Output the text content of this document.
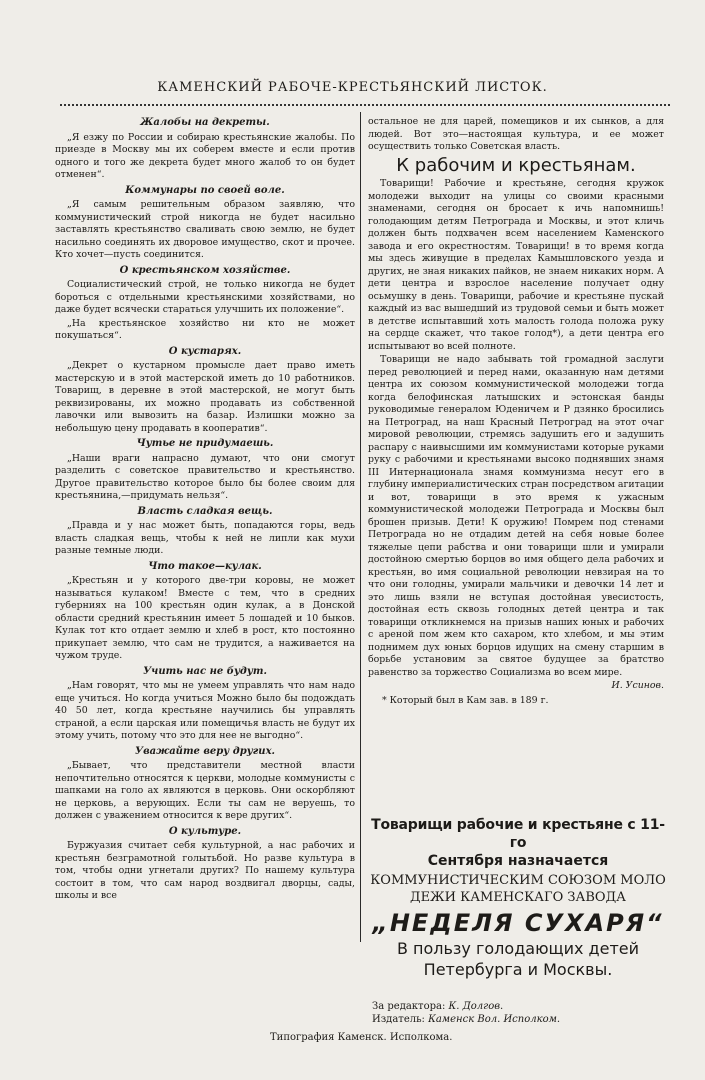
КАМЕНСКИЙ РАБОЧЕ-КРЕСТЬЯНСКИЙ ЛИСТОК.
Жалобы на декреты.

„Я езжу по России и собираю крестьянские жалобы. По приезде в Москву мы их соберем вместе и если против одного и того же декрета будет много жалоб то он будет отменен“.

Коммунары по своей воле.

„Я самым решительным образом заявляю, что коммунистический строй никогда не будет насильно заставлять крестьянство сваливать свою землю, не будет насильно соединять их дворовое имущество, скот и прочее. Кто хочет—пусть соединится.

О крестьянском хозяйстве.

Социалистический строй, не только никогда не будет бороться с отдельными крестьянскими хозяйствами, но даже будет всячески стараться улучшить их положение“.

„На крестьянское хозяйство ни кто не может покушаться“.

О кустарях.

„Декрет о кустарном промысле дает право иметь мастерскую и в этой мастерской иметь до 10 работников. Товарищ, в деревне в этой мастерской, не могут быть реквизированы, их можно продавать из собственной лавочки или вывозить на базар. Излишки можно за небольшую цену продавать в кооператив“.

Чутье не придумаешь.

„Наши враги напрасно думают, что они смогут разделить с советское правительство и крестьянство. Другое правительство которое было бы более своим для крестьянина,—придумать нельзя“.

Власть сладкая вещь.

„Правда и у нас может быть, попадаются горы, ведь власть сладкая вещь, чтобы к ней не липли как мухи разные темные люди.

Что такое—кулак.

„Крестьян и у которого две-три коровы, не может называться кулаком! Вместе с тем, что в средних губерниях на 100 крестьян один кулак, а в Донской области средний крестьянин имеет 5 лошадей и 10 быков. Кулак тот кто отдает землю и хлеб в рост, кто постоянно прикупает землю, что сам не трудится, а наживается на чужом труде.

Учить нас не будут.

„Нам говорят, что мы не умеем управлять что нам надо еще учиться. Но когда учиться Можно было бы подождать 40 50 лет, когда крестьяне научились бы управлять страной, а если царская или помещичья власть не будут их этому учить, потому что это для нее не выгодно“.

Уважайте веру других.

„Бывает, что представители местной власти непочтительно относятся к церкви, молодые коммунисты с шапками на голо ах являются в церковь. Они оскорбляют не церковь, а верующих. Если ты сам не веруешь, то должен с уважением относится к вере других“.

О культуре.

Буржуазия считает себя культурной, а нас рабочих и крестьян безграмотной голытьбой. Но разве культура в том, чтобы одни угнетали других? По нашему культура состоит в том, что сам народ воздвигал дворцы, сады, школы и все

остальное не для царей, помещиков и их сынков, а для людей. Вот это—настоящая культура, и ее может осуществить только Советская власть.

К рабочим и крестьянам.

Товарищи! Рабочие и крестьяне, сегодня кружок молодежи выходит на улицы со своими красными знаменами, сегодня он бросает к ичь напомнишь! голодающим детям Петрограда и Москвы, и этот кличь должен быть подхвачен всем населением Каменского завода и его окрестностям. Товарищи! в то время когда мы здесь живущие в пределах Камышловского уезда и других, не зная никаких пайков, не знаем никаких норм. А дети центра и взрослое население получает одну осьмушку в день. Товарищи, рабочие и крестьяне пускай каждый из вас вышедший из трудовой семьи и быть может в детстве испытавший хоть малость голода положа руку на сердце скажет, что такое голод*), а дети центра его испытывают во всей полноте.

Товарищи не надо забывать той громадной заслуги перед революцией и перед нами, оказанную нам детями центра их союзом коммунистической молодежи тогда когда белофинская латышских и эстонская банды руководимые генералом Юденичем и Р дзянко бросились на Петроград, на наш Красный Петроград на этот очаг мировой революции, стремясь задушить его и задушить распару с наивысшими им коммунистами которые руками руку с рабочими и крестьянами высоко поднявших знамя III Интернационала знамя коммунизма несут его в глубину империалистических стран посредством агитации и вот, товарищи в это время к ужасным коммунистической молодежи Петрограда и Москвы был брошен призыв. Дети! К оружию! Помрем под стенами Петрограда но не отдадим детей на себя новые более тяжелые цепи рабства и они товарищи шли и умирали достойною смертью борцов во имя общего дела рабочих и крестьян, во имя социальной революции невзирая на то что они голодны, умирали мальчики и девочки 14 лет и это лишь взяли не вступая достойная увесистость, достойная есть сквозь голодных детей центра и так товарищи откликнемся на призыв наших юных и рабочих с ареной пом жем кто сахаром, кто хлебом, и мы этим поднимем дух юных борцов идущих на смену старшим в борьбе установим за святое будущее за братство равенство за торжество Социализма во всем мире.

И. Усинов.
* Который был в Кам зав. в 189 г.
Товарищи рабочие и крестьяне с 11-го
Сентября назначается
КОММУНИСТИЧЕСКИМ СОЮЗОМ МОЛО
ДЕЖИ КАМЕНСКАГО ЗАВОДА
„НЕДЕЛЯ СУХАРЯ“
В пользу голодающих детей
Петербурга и Москвы.
За редактора: К. Долгов.
Издатель: Каменск Вол. Исполком.
Типография Каменск. Исполкома.
